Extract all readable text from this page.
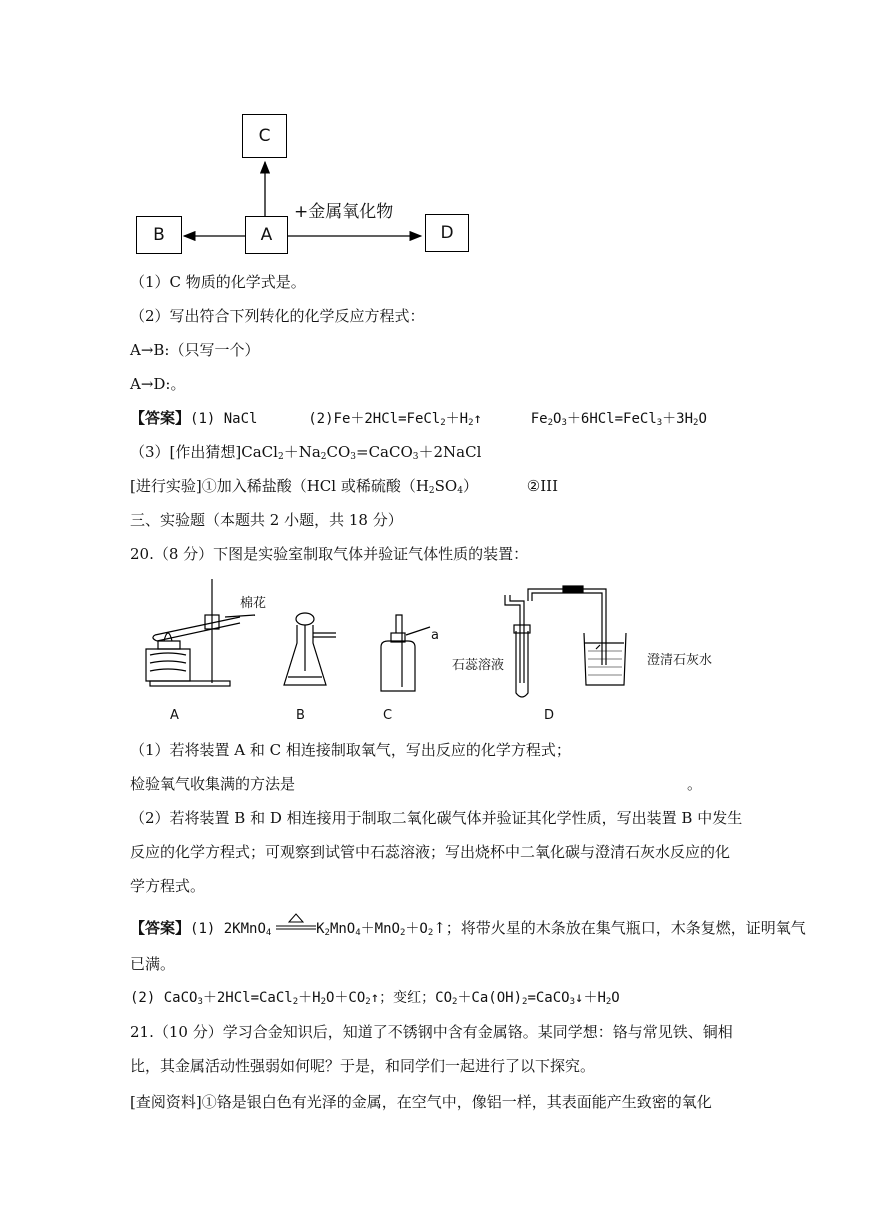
C
B	A	D
+金属氧化物
（1）C 物质的化学式是。
（2）写出符合下列转化的化学反应方程式：
A→B:（只写一个）
A→D:。
【答案】(1) NaCl	$(2)Fe+2HCl=FeCl_2+H_2↑$	$Fe_2O_3+6HCl=FeCl_3+3H_2O$
（3）[作出猜想]$CaCl_2+Na_2CO_3=CaCO_3+2NaCl$
[进行实验]①加入稀盐酸（HCl 或稀硫酸$(H_2SO_4)$	②III
三、实验题（本题共 2 小题，共 18 分）
20.（8 分）下图是实验室制取气体并验证气体性质的装置：
棉花
a
石蕊溶液	澄清石灰水
A	B	C	D
（1）若将装置 A 和 C 相连接制取氧气，写出反应的化学方程式；
检验氧气收集满的方法是	。
（2）若将装置 B 和 D 相连接用于制取二氧化碳气体并验证其化学性质，写出装置 B 中发生
反应的化学方程式；可观察到试管中石蕊溶液；写出烧杯中二氧化碳与澄清石灰水反应的化
学方程式。
【答案】(1) 2KMnO$_4$	$K_2MnO_4+MnO_2+O_2↑$；将带火星的木条放在集气瓶口，木条复燃，证明氧气
已满。
(2) $CaCO_3+2HCl=CaCl_2+H_2O+CO_2↑$；变红；$CO_2+Ca(OH)_2=CaCO_3↓+H_2O$
21.（10 分）学习合金知识后，知道了不锈钢中含有金属铬。某同学想：铬与常见铁、铜相
比，其金属活动性强弱如何呢？于是，和同学们一起进行了以下探究。
[查阅资料]①铬是银白色有光泽的金属，在空气中，像铝一样，其表面能产生致密的氧化
